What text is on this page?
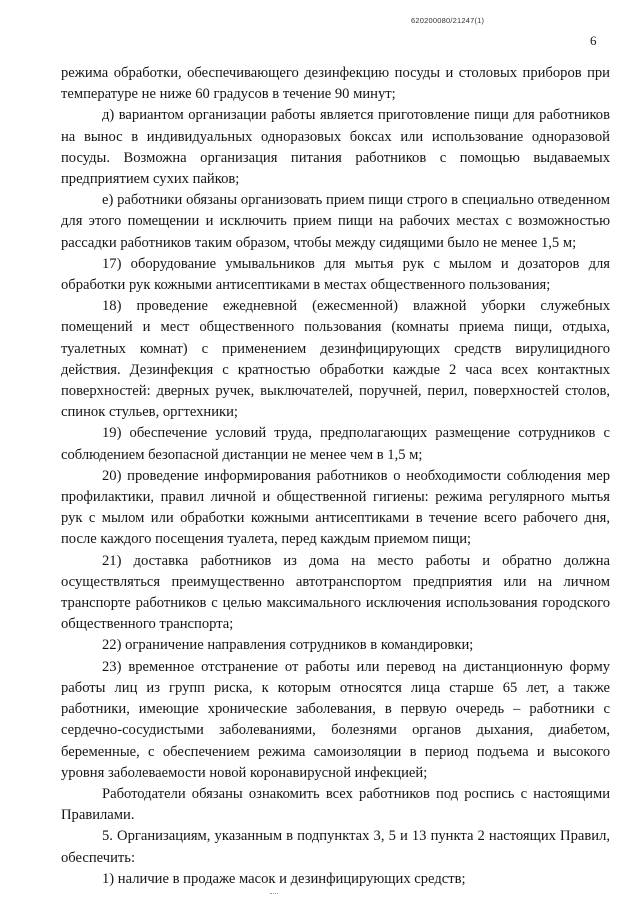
620200080/21247(1)
6

режима обработки, обеспечивающего дезинфекцию посуды и столовых приборов при температуре не ниже 60 градусов в течение 90 минут;

д) вариантом организации работы является приготовление пищи для работников на вынос в индивидуальных одноразовых боксах или использование одноразовой посуды. Возможна организация питания работников с помощью выдаваемых предприятием сухих пайков;

е) работники обязаны организовать прием пищи строго в специально отведенном для этого помещении и исключить прием пищи на рабочих местах с возможностью рассадки работников таким образом, чтобы между сидящими было не менее 1,5 м;

17) оборудование умывальников для мытья рук с мылом и дозаторов для обработки рук кожными антисептиками в местах общественного пользования;

18) проведение ежедневной (ежесменной) влажной уборки служебных помещений и мест общественного пользования (комнаты приема пищи, отдыха, туалетных комнат) с применением дезинфицирующих средств вирулицидного действия. Дезинфекция с кратностью обработки каждые 2 часа всех контактных поверхностей: дверных ручек, выключателей, поручней, перил, поверхностей столов, спинок стульев, оргтехники;

19) обеспечение условий труда, предполагающих размещение сотрудников с соблюдением безопасной дистанции не менее чем в 1,5 м;

20) проведение информирования работников о необходимости соблюдения мер профилактики, правил личной и общественной гигиены: режима регулярного мытья рук с мылом или обработки кожными антисептиками в течение всего рабочего дня, после каждого посещения туалета, перед каждым приемом пищи;

21) доставка работников из дома на место работы и обратно должна осуществляться преимущественно автотранспортом предприятия или на личном транспорте работников с целью максимального исключения использования городского общественного транспорта;

22) ограничение направления сотрудников в командировки;

23) временное отстранение от работы или перевод на дистанционную форму работы лиц из групп риска, к которым относятся лица старше 65 лет, а также работники, имеющие хронические заболевания, в первую очередь – работники с сердечно-сосудистыми заболеваниями, болезнями органов дыхания, диабетом, беременные, с обеспечением режима самоизоляции в период подъема и высокого уровня заболеваемости новой коронавирусной инфекцией;

Работодатели обязаны ознакомить всех работников под роспись с настоящими Правилами.

5. Организациям, указанным в подпунктах 3, 5 и 13 пункта 2 настоящих Правил, обеспечить:

1) наличие в продаже масок и дезинфицирующих средств;
